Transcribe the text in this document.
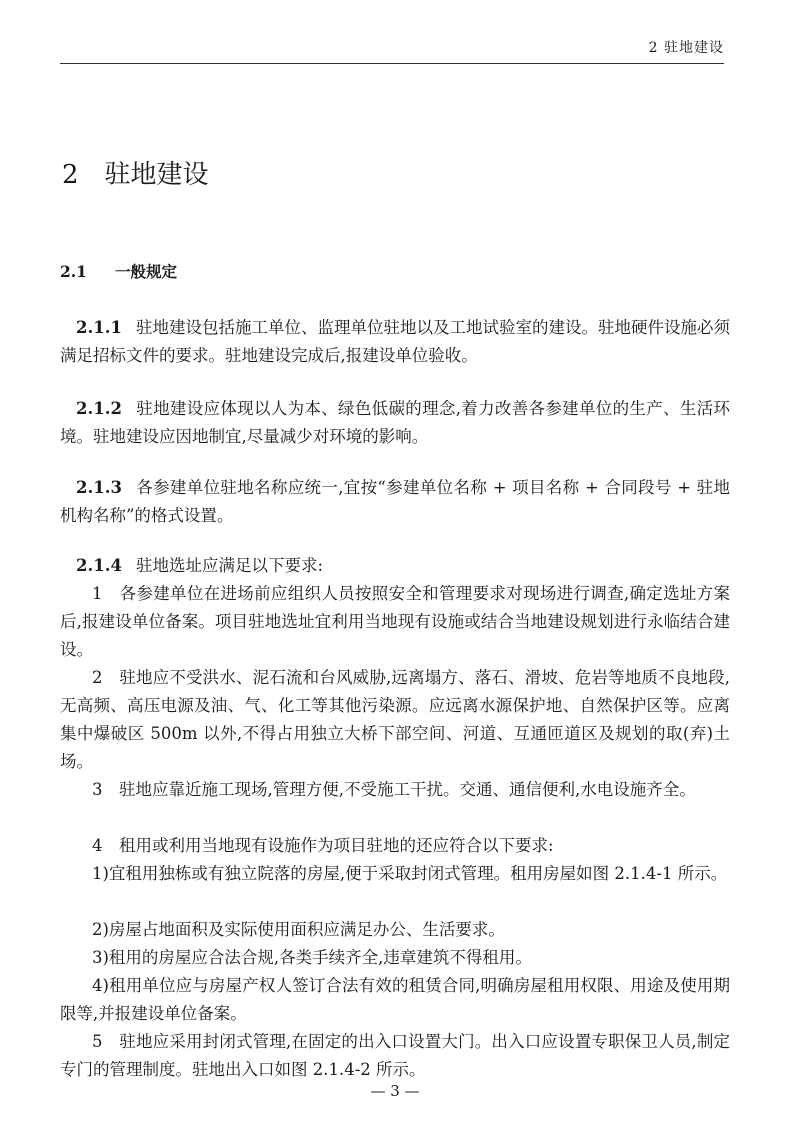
2 驻地建设
2 驻地建设
2.1 一般规定

2.1.1 驻地建设包括施工单位、监理单位驻地以及工地试验室的建设。驻地硬件设施必须满足招标文件的要求。驻地建设完成后,报建设单位验收。

2.1.2 驻地建设应体现以人为本、绿色低碳的理念,着力改善各参建单位的生产、生活环境。驻地建设应因地制宜,尽量减少对环境的影响。

2.1.3 各参建单位驻地名称应统一,宜按“参建单位名称 + 项目名称 + 合同段号 + 驻地机构名称”的格式设置。

2.1.4 驻地选址应满足以下要求:

1　各参建单位在进场前应组织人员按照安全和管理要求对现场进行调查,确定选址方案后,报建设单位备案。项目驻地选址宜利用当地现有设施或结合当地建设规划进行永临结合建设。

2　驻地应不受洪水、泥石流和台风威胁,远离塌方、落石、滑坡、危岩等地质不良地段,无高频、高压电源及油、气、化工等其他污染源。应远离水源保护地、自然保护区等。应离集中爆破区 500m 以外,不得占用独立大桥下部空间、河道、互通匝道区及规划的取(弃)土场。

3　驻地应靠近施工现场,管理方便,不受施工干扰。交通、通信便利,水电设施齐全。

4　租用或利用当地现有设施作为项目驻地的还应符合以下要求:

1)宜租用独栋或有独立院落的房屋,便于采取封闭式管理。租用房屋如图 2.1.4-1 所示。

2)房屋占地面积及实际使用面积应满足办公、生活要求。

3)租用的房屋应合法合规,各类手续齐全,违章建筑不得租用。

4)租用单位应与房屋产权人签订合法有效的租赁合同,明确房屋租用权限、用途及使用期限等,并报建设单位备案。

5　驻地应采用封闭式管理,在固定的出入口设置大门。出入口应设置专职保卫人员,制定专门的管理制度。驻地出入口如图 2.1.4-2 所示。

— 3 —
